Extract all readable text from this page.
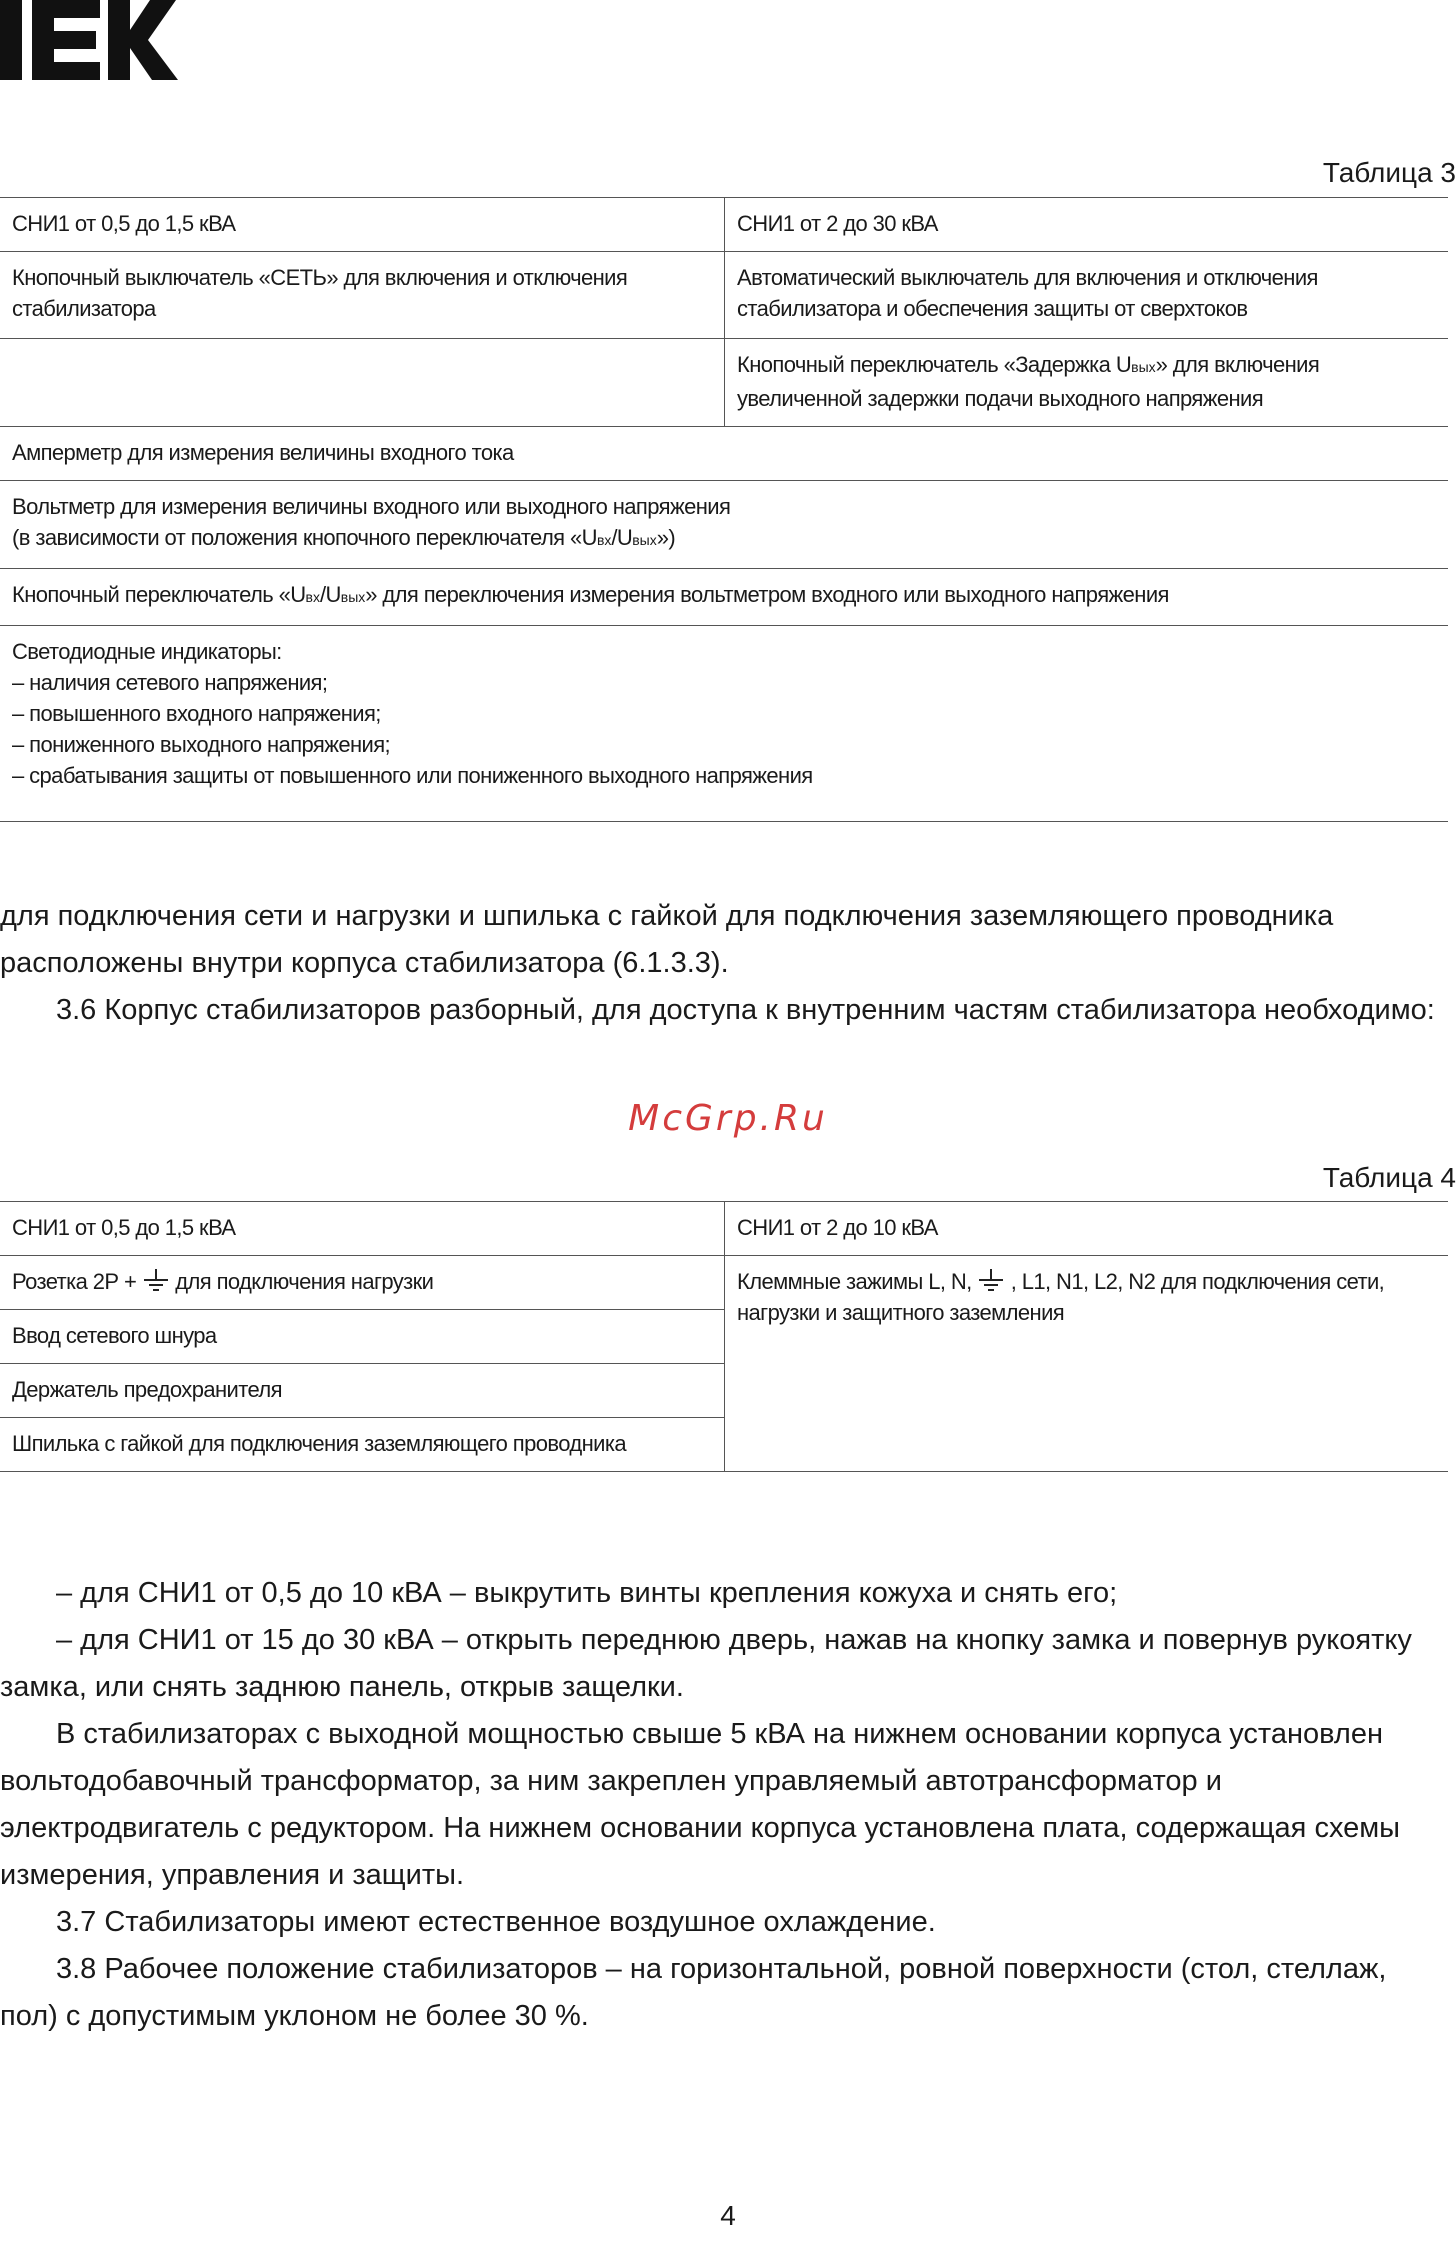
Таблица 3
СНИ1 от 0,5 до 1,5 кВА	СНИ1 от 2 до 30 кВА
Кнопочный выключатель «СЕТЬ» для включения и отключения стабилизатора	Автоматический выключатель для включения и отключения стабилизатора и обеспечения защиты от сверхтоков
	Кнопочный переключатель «Задержка Uвых» для включения увеличенной задержки подачи выходного напряжения
Амперметр для измерения величины входного тока	

Вольтметр для измерения величины входного или выходного напряжения
(в зависимости от положения кнопочного переключателя «Uвх/Uвых»)	

Кнопочный переключатель «Uвх/Uвых» для переключения измерения вольтметром входного или выходного напряжения	

Светодиодные индикаторы:
– наличия сетевого напряжения;
– повышенного входного напряжения;
– пониженного выходного напряжения;
– срабатывания защиты от повышенного или пониженного выходного напряжения	

для подключения сети и нагрузки и шпилька с гайкой для подключения заземляющего проводника расположены внутри корпуса стабилизатора (6.1.3.3).

3.6 Корпус стабилизаторов разборный, для доступа к внутренним частям стабилизатора необходимо:

McGrp.Ru
Таблица 4
СНИ1 от 0,5 до 1,5 кВА	СНИ1 от 2 до 10 кВА
Розетка 2Р +  для подключения нагрузки	Клеммные зажимы L, N,  , L1, N1, L2, N2 для подключения сети, нагрузки и защитного заземления
Ввод сетевого шнура	
Держатель предохранителя	
Шпилька с гайкой для подключения заземляющего проводника	

– для СНИ1 от 0,5 до 10 кВА – выкрутить винты крепления кожуха и снять его;

– для СНИ1 от 15 до 30 кВА – открыть переднюю дверь, нажав на кнопку замка и повернув рукоятку замка, или снять заднюю панель, открыв защелки.

В стабилизаторах с выходной мощностью свыше 5 кВА на нижнем основании корпуса установлен вольтодобавочный трансформатор, за ним закреплен управляемый автотрансформатор и электродвигатель с редуктором. На нижнем основании корпуса установлена плата, содержащая схемы измерения, управления и защиты.

3.7 Стабилизаторы имеют естественное воздушное охлаждение.

3.8 Рабочее положение стабилизаторов – на горизонтальной, ровной поверхности (стол, стеллаж, пол) с допустимым уклоном не более 30 %.

4
